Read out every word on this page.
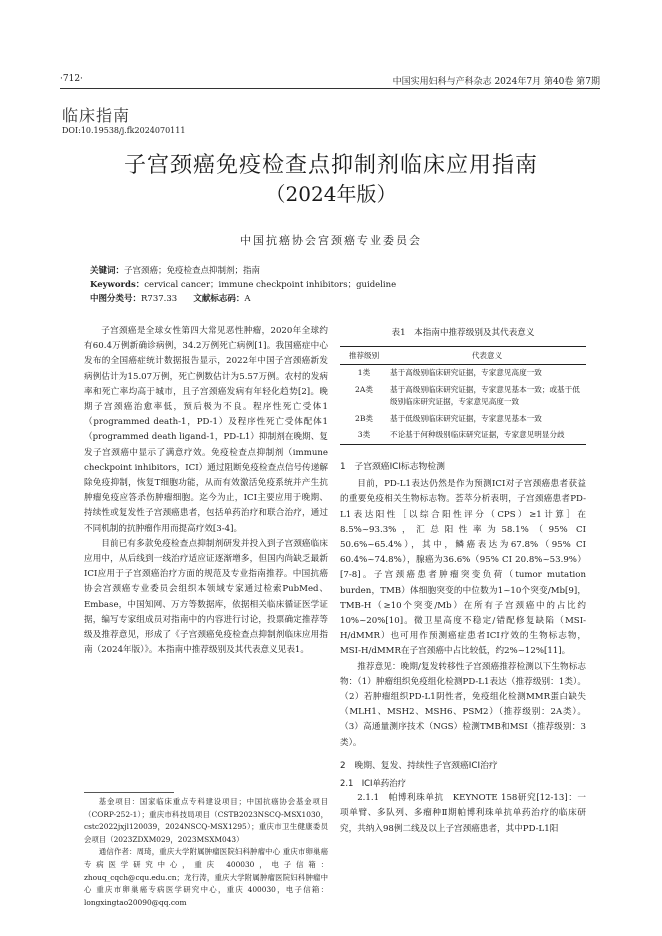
·712·	中国实用妇科与产科杂志 2024年7月 第40卷 第7期
临床指南
DOI:10.19538/j.fk2024070111
子宫颈癌免疫检查点抑制剂临床应用指南
（2024年版）
中国抗癌协会宫颈癌专业委员会
关键词：子宫颈癌；免疫检查点抑制剂；指南
Keywords：cervical cancer；immune checkpoint inhibitors；guideline
中图分类号：R737.33 文献标志码：A

子宫颈癌是全球女性第四大常见恶性肿瘤，2020年全球约有60.4万例新确诊病例，34.2万例死亡病例[1]。我国癌症中心发布的全国癌症统计数据报告显示，2022年中国子宫颈癌新发病例估计为15.07万例，死亡例数估计为5.57万例。农村的发病率和死亡率均高于城市，且子宫颈癌发病有年轻化趋势[2]。晚期子宫颈癌治愈率低，预后极为不良。程序性死亡受体1（programmed death-1，PD-1）及程序性死亡受体配体1（programmed death ligand-1，PD-L1）抑制剂在晚期、复发子宫颈癌中显示了满意疗效。免疫检查点抑制剂（immune checkpoint inhibitors，ICI）通过阻断免疫检查点信号传递解除免疫抑制，恢复T细胞功能，从而有效激活免疫系统并产生抗肿瘤免疫应答杀伤肿瘤细胞。迄今为止，ICI主要应用于晚期、持续性或复发性子宫颈癌患者，包括单药治疗和联合治疗，通过不同机制的抗肿瘤作用而提高疗效[3-4]。

目前已有多款免疫检查点抑制剂研发并投入到子宫颈癌临床应用中，从后线到一线治疗适应证逐渐增多，但国内尚缺乏最新ICI应用于子宫颈癌治疗方面的规范及专业指南推荐。中国抗癌协会宫颈癌专业委员会组织本领域专家通过检索PubMed、Embase，中国知网、万方等数据库，依据相关临床循证医学证据，编写专家组成员对指南中的内容进行讨论，投票确定推荐等级及推荐意见，形成了《子宫颈癌免疫检查点抑制剂临床应用指南（2024年版）》。本指南中推荐级别及其代表意义见表1。

基金项目：国家临床重点专科建设项目；中国抗癌协会基金项目（CORP-252-1）；重庆市科技局项目（CSTB2023NSCQ-MSX1030，cstc2022jxjl120039，2024NSCQ-MSX1295）；重庆市卫生健康委员会项目（2023ZDXM029，2023MSXM043）

通信作者：周琦，重庆大学附属肿瘤医院妇科肿瘤中心 重庆市卵巢癌专病医学研究中心，重庆 400030，电子信箱：zhouq_cqch@cqu.edu.cn；龙行涛，重庆大学附属肿瘤医院妇科肿瘤中心 重庆市卵巢癌专病医学研究中心，重庆 400030，电子信箱：longxingtao20090@qq.com

表1　本指南中推荐级别及其代表意义
推荐级别	代表意义
1类	基于高级别临床研究证据，专家意见高度一致
2A类	基于高级别临床研究证据，专家意见基本一致；或基于低级别临床研究证据，专家意见高度一致
2B类	基于低级别临床研究证据，专家意见基本一致
3类	不论基于何种级别临床研究证据，专家意见明显分歧
1　子宫颈癌ICI标志物检测

目前，PD-L1表达仍然是作为预测ICI对子宫颈癌患者获益的重要免疫相关生物标志物。荟萃分析表明，子宫颈癌患者PD-L1表达阳性［以综合阳性评分（CPS）≥1计算］在8.5%~93.3%，汇总阳性率为58.1%（95% CI 50.6%~65.4%），其中，鳞癌表达为67.8%（95% CI 60.4%~74.8%），腺癌为36.6%（95% CI 20.8%~53.9%）[7-8]。子宫颈癌患者肿瘤突变负荷（tumor mutation burden，TMB）体细胞突变的中位数为1~10个突变/Mb[9]，TMB-H（≥10个突变/Mb）在所有子宫颈癌中的占比约10%~20%[10]。微卫星高度不稳定/错配修复缺陷（MSI-H/dMMR）也可用作预测癌症患者ICI疗效的生物标志物，MSI-H/dMMR在子宫颈癌中占比较低，约2%~12%[11]。

推荐意见：晚期/复发转移性子宫颈癌推荐检测以下生物标志物：（1）肿瘤组织免疫组化检测PD-L1表达（推荐级别：1类）。（2）若肿瘤组织PD-L1阴性者，免疫组化检测MMR蛋白缺失（MLH1、MSH2、MSH6、PSM2）（推荐级别：2A类）。（3）高通量测序技术（NGS）检测TMB和MSI（推荐级别：3类）。

2　晚期、复发、持续性子宫颈癌ICI治疗
2.1　ICI单药治疗

2.1.1　帕博利珠单抗　KEYNOTE 158研究[12-13]：一项单臂、多队列、多瘤种Ⅱ期帕博利珠单抗单药治疗的临床研究，共纳入98例二线及以上子宫颈癌患者，其中PD-L1阳
